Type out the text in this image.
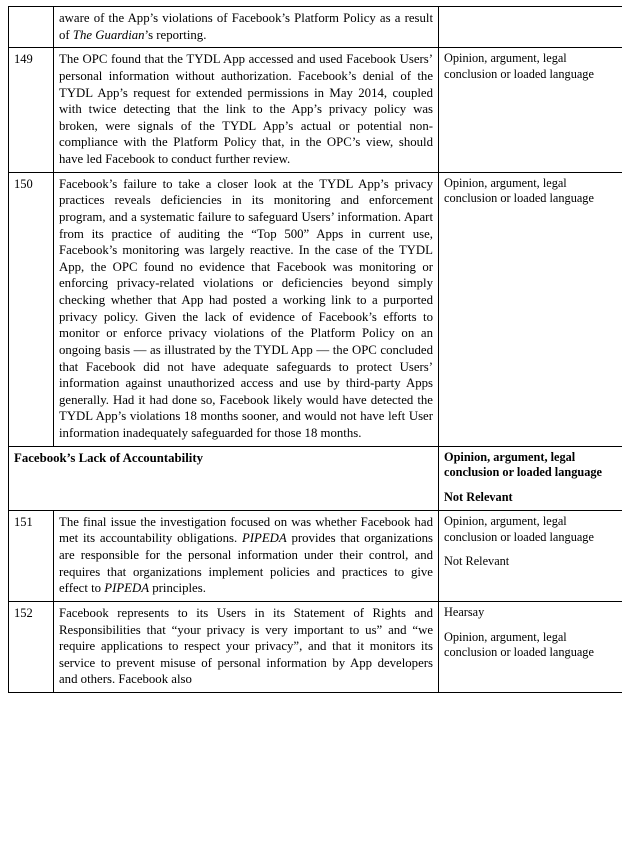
	aware of the App’s violations of Facebook’s Platform Policy as a result of The Guardian’s reporting.	
149	The OPC found that the TYDL App accessed and used Facebook Users’ personal information without authorization. Facebook’s denial of the TYDL App’s request for extended permissions in May 2014, coupled with twice detecting that the link to the App’s privacy policy was broken, were signals of the TYDL App’s actual or potential non-compliance with the Platform Policy that, in the OPC’s view, should have led Facebook to conduct further review.	Opinion, argument, legal conclusion or loaded language

150	Facebook’s failure to take a closer look at the TYDL App’s privacy practices reveals deficiencies in its monitoring and enforcement program, and a systematic failure to safeguard Users’ information. Apart from its practice of auditing the “Top 500” Apps in current use, Facebook’s monitoring was largely reactive. In the case of the TYDL App, the OPC found no evidence that Facebook was monitoring or enforcing privacy-related violations or deficiencies beyond simply checking whether that App had posted a working link to a purported privacy policy. Given the lack of evidence of Facebook’s efforts to monitor or enforce privacy violations of the Platform Policy on an ongoing basis — as illustrated by the TYDL App — the OPC concluded that Facebook did not have adequate safeguards to protect Users’ information against unauthorized access and use by third-party Apps generally. Had it had done so, Facebook likely would have detected the TYDL App’s violations 18 months sooner, and would not have left User information inadequately safeguarded for those 18 months.	Opinion, argument, legal conclusion or loaded language

Facebook’s Lack of Accountability		Opinion, argument, legal conclusion or loaded language
Not Relevant

151	The final issue the investigation focused on was whether Facebook had met its accountability obligations. PIPEDA provides that organizations are responsible for the personal information under their control, and requires that organizations implement policies and practices to give effect to PIPEDA principles.	Opinion, argument, legal conclusion or loaded language
Not Relevant

152	Facebook represents to its Users in its Statement of Rights and Responsibilities that “your privacy is very important to us” and “we require applications to respect your privacy”, and that it monitors its service to prevent misuse of personal information by App developers and others. Facebook also	Hearsay
Opinion, argument, legal conclusion or loaded language
